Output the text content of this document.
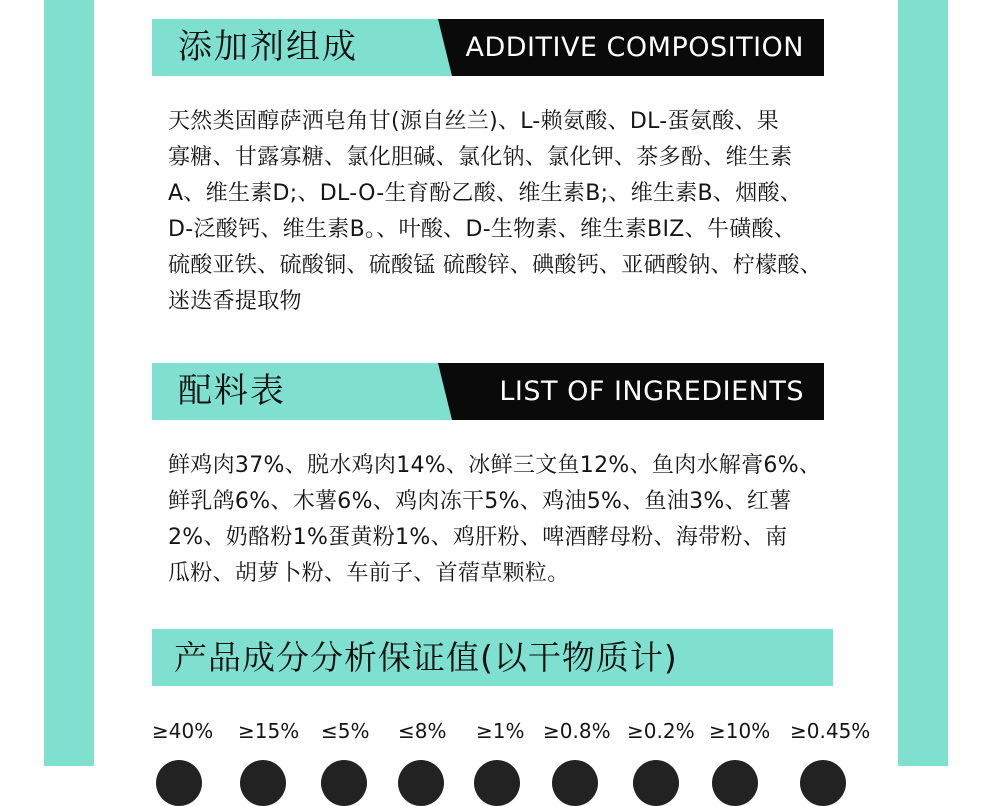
添加剂组成	ADDITIVE COMPOSITION
天然类固醇萨洒皂角甘(源自丝兰)、L-赖氨酸、DL-蛋氨酸、果
寡糖、甘露寡糖、氯化胆碱、氯化钠、氯化钾、茶多酚、维生素
A、维生素D;、DL-O-生育酚乙酸、维生素B;、维生素B、烟酸、
D-泛酸钙、维生素B。、叶酸、D-生物素、维生素BIZ、牛磺酸、
硫酸亚铁、硫酸铜、硫酸锰 硫酸锌、碘酸钙、亚硒酸钠、柠檬酸、
迷迭香提取物
配料表	LIST OF INGREDIENTS
鲜鸡肉37%、脱水鸡肉14%、冰鲜三文鱼12%、鱼肉水解膏6%、
鲜乳鸽6%、木薯6%、鸡肉冻干5%、鸡油5%、鱼油3%、红薯
2%、奶酪粉1%蛋黄粉1%、鸡肝粉、啤酒酵母粉、海带粉、南
瓜粉、胡萝卜粉、车前子、首蓿草颗粒。
产品成分分析保证值(以干物质计)
≥40% ≥15% ≤5% ≤8% ≥1% ≥0.8% ≥0.2% ≥10% ≥0.45%
